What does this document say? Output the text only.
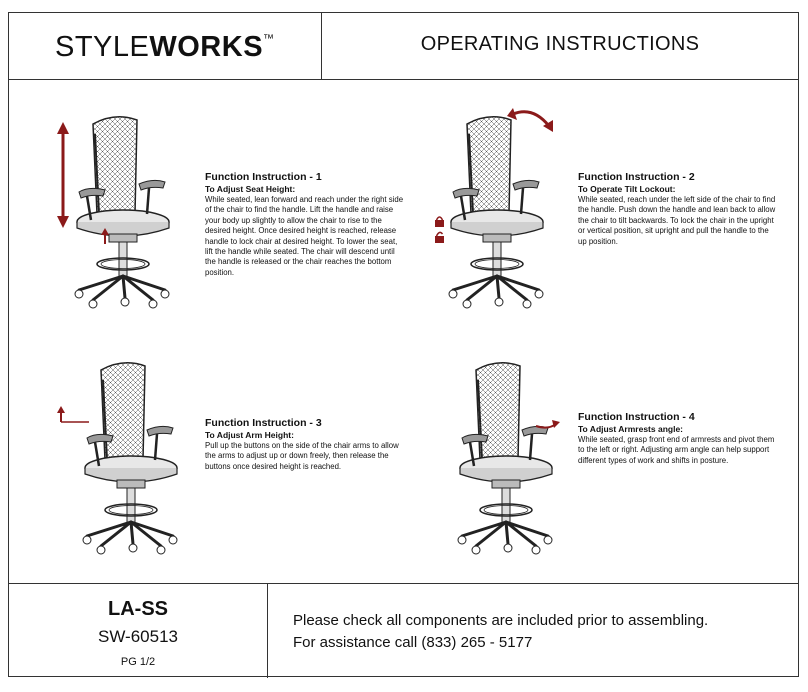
STYLEWORKS™	OPERATING INSTRUCTIONS
LA-SS
SW-60513
PG 1/2
Please check all components are included prior to assembling.
For assistance call (833) 265 - 5177
Function Instruction - 1
To Adjust Seat Height:
While seated, lean forward and reach under the right side of the chair to find the handle. Lift the handle and raise your body up slightly to allow the chair to rise to the desired height. Once desired height is reached, release handle to lock chair at desired height. To lower the seat, lift the handle while seated. The chair will descend until the handle is released or the chair reaches the bottom position.
Function Instruction - 2
To Operate Tilt Lockout:
While seated, reach under the left side of the chair to find the handle. Push down the handle and lean back to allow the chair to tilt backwards. To lock the chair in the upright or vertical position, sit upright and pull the handle to the up position.
Function Instruction - 3
To Adjust Arm Height:
Pull up the buttons on the side of the chair arms to allow the arms to adjust up or down freely, then release the buttons once desired height is reached.
Function Instruction - 4
To Adjust Armrests angle:
While seated, grasp front end of armrests and pivot them to the left or right. Adjusting arm angle can help support different types of work and shifts in posture.
